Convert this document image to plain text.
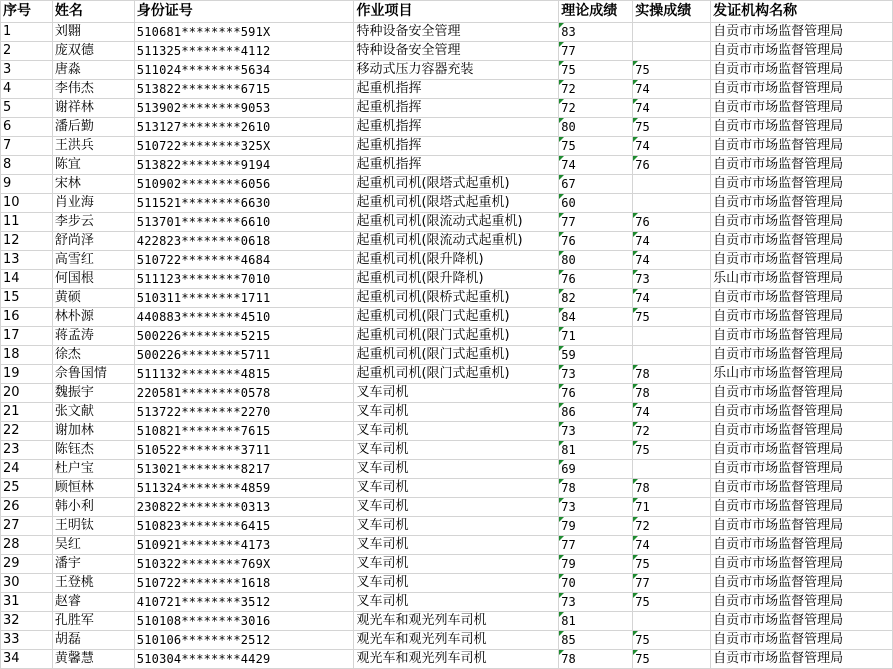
序号	姓名	身份证号	作业项目	理论成绩	实操成绩	发证机构名称
1	刘翾	510681********591X	特种设备安全管理	83		自贡市市场监督管理局
2	庞双德	511325********4112	特种设备安全管理	77		自贡市市场监督管理局
3	唐淼	511024********5634	移动式压力容器充装	75	75	自贡市市场监督管理局
4	李伟杰	513822********6715	起重机指挥	72	74	自贡市市场监督管理局
5	谢祥林	513902********9053	起重机指挥	72	74	自贡市市场监督管理局
6	潘后勤	513127********2610	起重机指挥	80	75	自贡市市场监督管理局
7	王洪兵	510722********325X	起重机指挥	75	74	自贡市市场监督管理局
8	陈宜	513822********9194	起重机指挥	74	76	自贡市市场监督管理局
9	宋林	510902********6056	起重机司机(限塔式起重机)	67		自贡市市场监督管理局
10	肖业海	511521********6630	起重机司机(限塔式起重机)	60		自贡市市场监督管理局
11	李步云	513701********6610	起重机司机(限流动式起重机)	77	76	自贡市市场监督管理局
12	舒尚泽	422823********0618	起重机司机(限流动式起重机)	76	74	自贡市市场监督管理局
13	高雪红	510722********4684	起重机司机(限升降机)	80	74	自贡市市场监督管理局
14	何国根	511123********7010	起重机司机(限升降机)	76	73	乐山市市场监督管理局
15	黄硕	510311********1711	起重机司机(限桥式起重机)	82	74	自贡市市场监督管理局
16	林朴源	440883********4510	起重机司机(限门式起重机)	84	75	自贡市市场监督管理局
17	蒋孟涛	500226********5215	起重机司机(限门式起重机)	71		自贡市市场监督管理局
18	徐杰	500226********5711	起重机司机(限门式起重机)	59		自贡市市场监督管理局
19	佘鲁国情	511132********4815	起重机司机(限门式起重机)	73	78	乐山市市场监督管理局
20	魏振宇	220581********0578	叉车司机	76	78	自贡市市场监督管理局
21	张文献	513722********2270	叉车司机	86	74	自贡市市场监督管理局
22	谢加林	510821********7615	叉车司机	73	72	自贡市市场监督管理局
23	陈钰杰	510522********3711	叉车司机	81	75	自贡市市场监督管理局
24	杜户宝	513021********8217	叉车司机	69		自贡市市场监督管理局
25	顾恒林	511324********4859	叉车司机	78	78	自贡市市场监督管理局
26	韩小利	230822********0313	叉车司机	73	71	自贡市市场监督管理局
27	王明钛	510823********6415	叉车司机	79	72	自贡市市场监督管理局
28	吴红	510921********4173	叉车司机	77	74	自贡市市场监督管理局
29	潘宇	510322********769X	叉车司机	79	75	自贡市市场监督管理局
30	王登桃	510722********1618	叉车司机	70	77	自贡市市场监督管理局
31	赵睿	410721********3512	叉车司机	73	75	自贡市市场监督管理局
32	孔胜军	510108********3016	观光车和观光列车司机	81		自贡市市场监督管理局
33	胡磊	510106********2512	观光车和观光列车司机	85	75	自贡市市场监督管理局
34	黄馨慧	510304********4429	观光车和观光列车司机	78	75	自贡市市场监督管理局
